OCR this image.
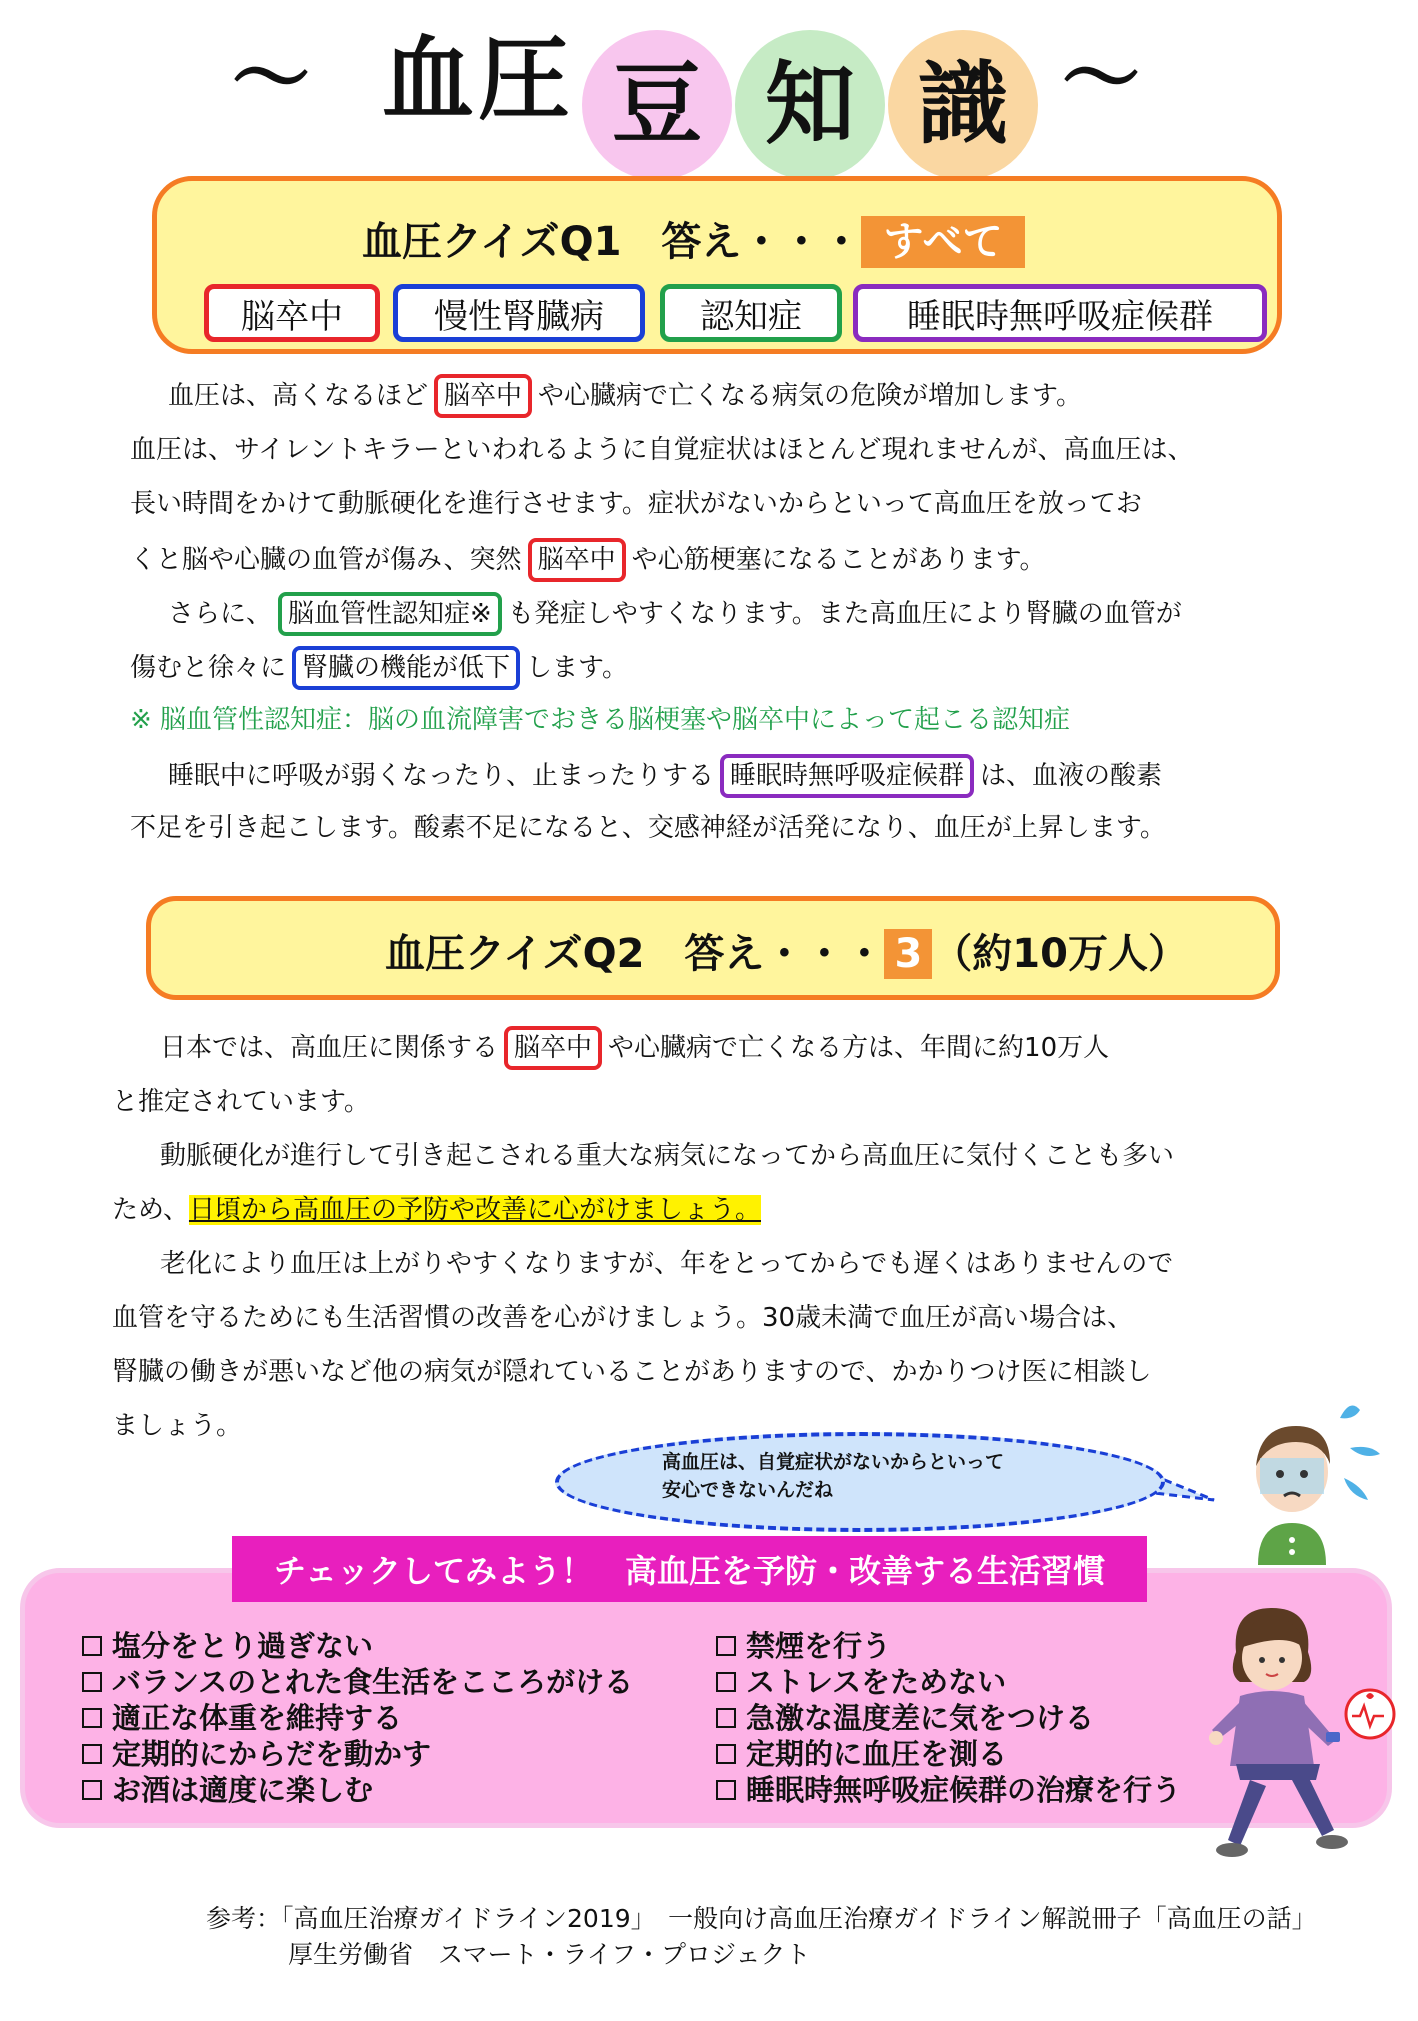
〜 血圧 豆 知 識 〜
血圧クイズQ1　答え・・・ すべて
脳卒中	慢性腎臓病	認知症	睡眠時無呼吸症候群
血圧は、高くなるほど 脳卒中 や心臓病で亡くなる病気の危険が増加します。
血圧は、サイレントキラーといわれるように自覚症状はほとんど現れませんが、高血圧は、
長い時間をかけて動脈硬化を進行させます。症状がないからといって高血圧を放ってお
くと脳や心臓の血管が傷み、突然 脳卒中 や心筋梗塞になることがあります。
さらに、 脳血管性認知症※ も発症しやすくなります。また高血圧により腎臓の血管が
傷むと徐々に 腎臓の機能が低下 します。
※ 脳血管性認知症：脳の血流障害でおきる脳梗塞や脳卒中によって起こる認知症
睡眠中に呼吸が弱くなったり、止まったりする 睡眠時無呼吸症候群 は、血液の酸素
不足を引き起こします。酸素不足になると、交感神経が活発になり、血圧が上昇します。
血圧クイズQ2　答え・・・ 3 （約10万人）
日本では、高血圧に関係する 脳卒中 や心臓病で亡くなる方は、年間に約10万人
と推定されています。
動脈硬化が進行して引き起こされる重大な病気になってから高血圧に気付くことも多い
ため、日頃から高血圧の予防や改善に心がけましょう。
老化により血圧は上がりやすくなりますが、年をとってからでも遅くはありませんので
血管を守るためにも生活習慣の改善を心がけましょう。30歳未満で血圧が高い場合は、
腎臓の働きが悪いなど他の病気が隠れていることがありますので、かかりつけ医に相談し
ましょう。
高血圧は、自覚症状がないからといって
安心できないんだね
チェックしてみよう！　高血圧を予防・改善する生活習慣
塩分をとり過ぎない
バランスのとれた食生活をこころがける
適正な体重を維持する
定期的にからだを動かす
お酒は適度に楽しむ
禁煙を行う
ストレスをためない
急激な温度差に気をつける
定期的に血圧を測る
睡眠時無呼吸症候群の治療を行う
参考：「高血圧治療ガイドライン2019」　一般向け高血圧治療ガイドライン解説冊子「高血圧の話」
厚生労働省　スマート・ライフ・プロジェクト
